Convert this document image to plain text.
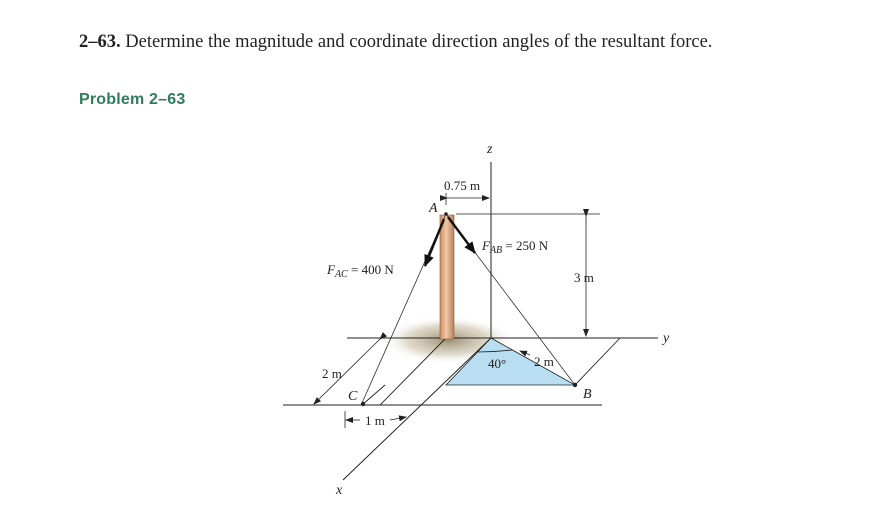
2–63. Determine the magnitude and coordinate direction angles of the resultant force.
Problem 2–63
z
y
x
A
B
C
0.75 m
3 m
2 m
2 m
1 m
40°
$F_{AB} = 250$ N
$F_{AC} = 400$ N
